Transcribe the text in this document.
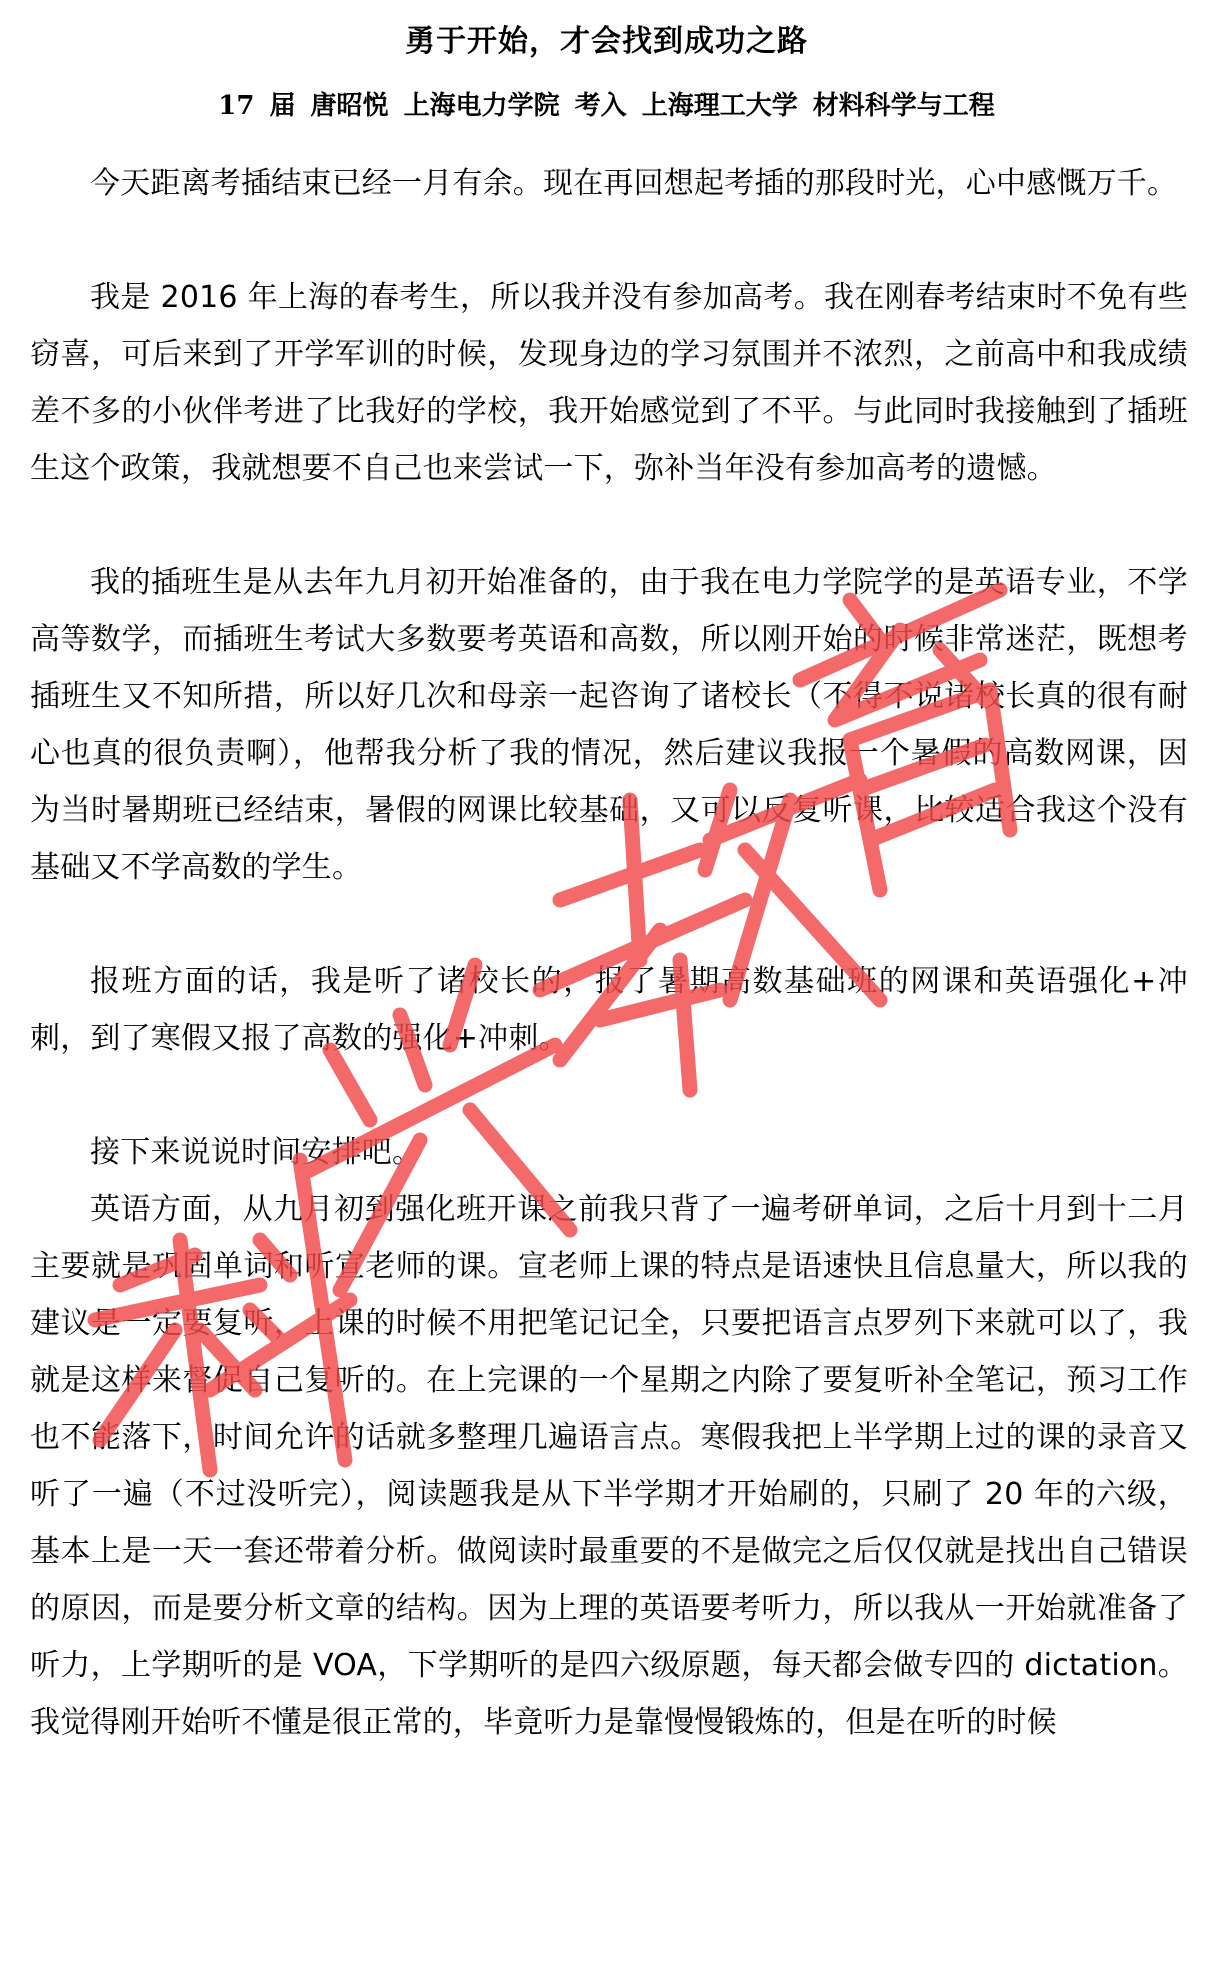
勇于开始，才会找到成功之路
17 届 唐昭悦 上海电力学院 考入 上海理工大学 材料科学与工程

今天距离考插结束已经一月有余。现在再回想起考插的那段时光，心中感慨万千。

我是 2016 年上海的春考生，所以我并没有参加高考。我在刚春考结束时不免有些窃喜，可后来到了开学军训的时候，发现身边的学习氛围并不浓烈，之前高中和我成绩差不多的小伙伴考进了比我好的学校，我开始感觉到了不平。与此同时我接触到了插班生这个政策，我就想要不自己也来尝试一下，弥补当年没有参加高考的遗憾。

我的插班生是从去年九月初开始准备的，由于我在电力学院学的是英语专业，不学高等数学，而插班生考试大多数要考英语和高数，所以刚开始的时候非常迷茫，既想考插班生又不知所措，所以好几次和母亲一起咨询了诸校长（不得不说诸校长真的很有耐心也真的很负责啊），他帮我分析了我的情况，然后建议我报一个暑假的高数网课，因为当时暑期班已经结束，暑假的网课比较基础，又可以反复听课，比较适合我这个没有基础又不学高数的学生。

报班方面的话，我是听了诸校长的，报了暑期高数基础班的网课和英语强化+冲刺，到了寒假又报了高数的强化+冲刺。

接下来说说时间安排吧。

英语方面，从九月初到强化班开课之前我只背了一遍考研单词，之后十月到十二月主要就是巩固单词和听宣老师的课。宣老师上课的特点是语速快且信息量大，所以我的建议是一定要复听，上课的时候不用把笔记记全，只要把语言点罗列下来就可以了，我就是这样来督促自己复听的。在上完课的一个星期之内除了要复听补全笔记，预习工作也不能落下，时间允许的话就多整理几遍语言点。寒假我把上半学期上过的课的录音又听了一遍（不过没听完），阅读题我是从下半学期才开始刷的，只刷了 20 年的六级，基本上是一天一套还带着分析。做阅读时最重要的不是做完之后仅仅就是找出自己错误的原因，而是要分析文章的结构。因为上理的英语要考听力，所以我从一开始就准备了听力，上学期听的是 VOA，下学期听的是四六级原题，每天都会做专四的 dictation。我觉得刚开始听不懂是很正常的，毕竟听力是靠慢慢锻炼的，但是在听的时候
